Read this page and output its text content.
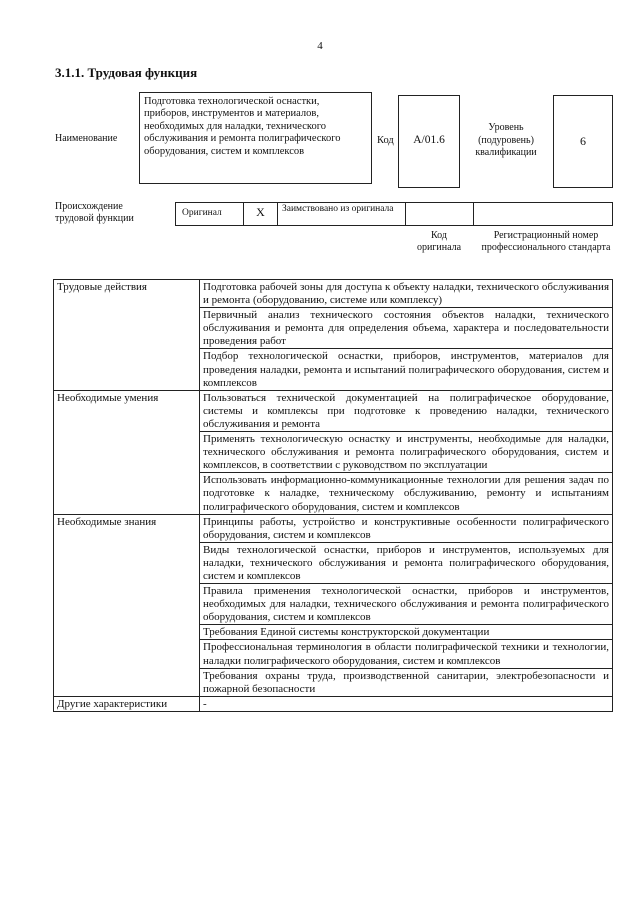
4
3.1.1. Трудовая функция
Наименование
Подготовка технологической оснастки, приборов, инструментов и материалов, необходимых для наладки, технического обслуживания и ремонта полиграфического оборудования, систем и комплексов
Код	A/01.6
Уровень (подуровень) квалификации
6
Происхождение трудовой функции	Оригинал	X	Заимствовано из оригинала
Код оригинала
Регистрационный номер профессионального стандарта
Трудовые действия	Подготовка рабочей зоны для доступа к объекту наладки, технического обслуживания и ремонта (оборудованию, системе или комплексу)
	Первичный анализ технического состояния объектов наладки, технического обслуживания и ремонта для определения объема, характера и последовательности проведения работ
	Подбор технологической оснастки, приборов, инструментов, материалов для проведения наладки, ремонта и испытаний полиграфического оборудования, систем и комплексов
Необходимые умения	Пользоваться технической документацией на полиграфическое оборудование, системы и комплексы при подготовке к проведению наладки, технического обслуживания и ремонта
	Применять технологическую оснастку и инструменты, необходимые для наладки, технического обслуживания и ремонта полиграфического оборудования, систем и комплексов, в соответствии с руководством по эксплуатации
	Использовать информационно-коммуникационные технологии для решения задач по подготовке к наладке, техническому обслуживанию, ремонту и испытаниям полиграфического оборудования, систем и комплексов
Необходимые знания	Принципы работы, устройство и конструктивные особенности полиграфического оборудования, систем и комплексов
	Виды технологической оснастки, приборов и инструментов, используемых для наладки, технического обслуживания и ремонта полиграфического оборудования, систем и комплексов
	Правила применения технологической оснастки, приборов и инструментов, необходимых для наладки, технического обслуживания и ремонта полиграфического оборудования, систем и комплексов
	Требования Единой системы конструкторской документации
	Профессиональная терминология в области полиграфической техники и технологии, наладки полиграфического оборудования, систем и комплексов
	Требования охраны труда, производственной санитарии, электробезопасности и пожарной безопасности
Другие характеристики	-
